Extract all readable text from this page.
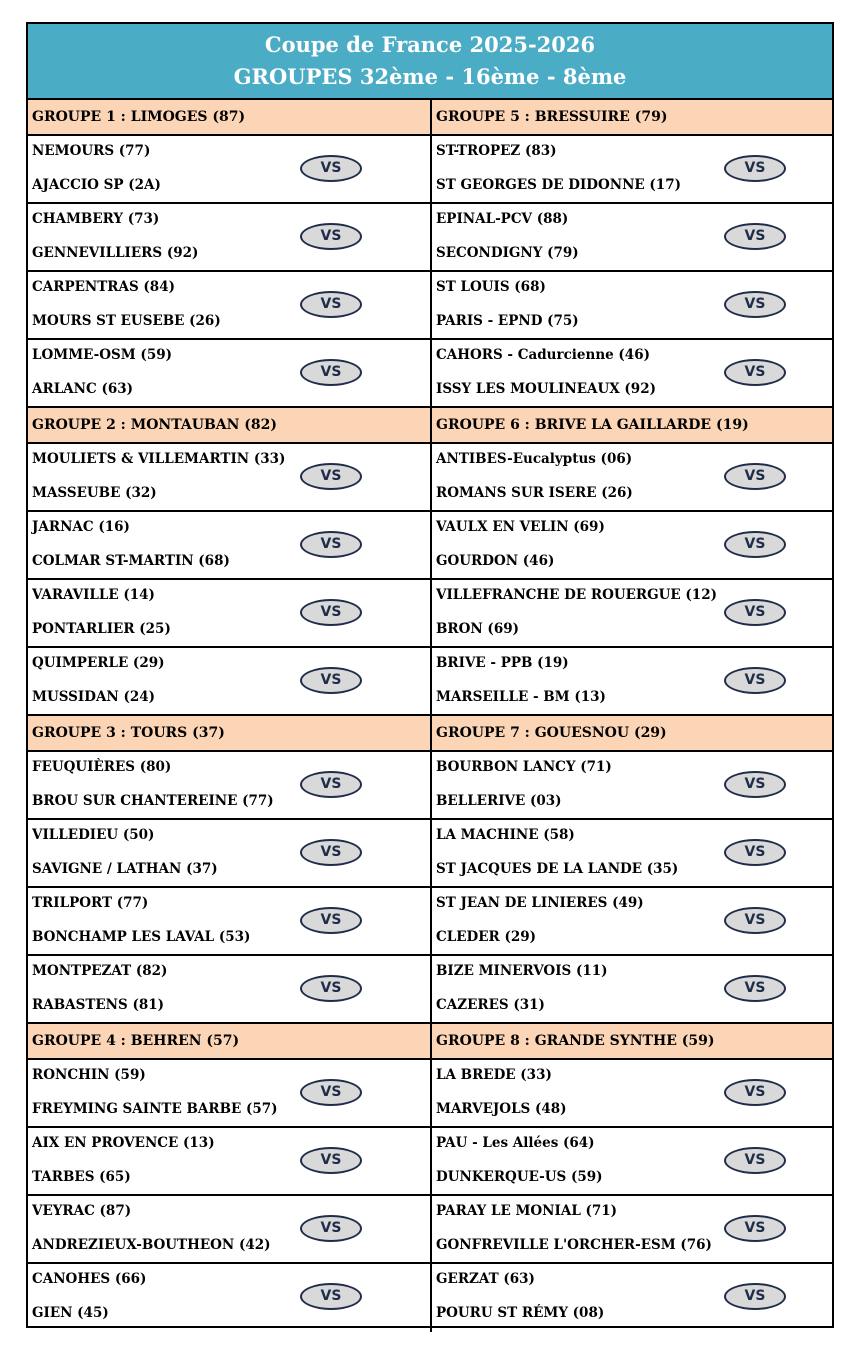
Coupe de France 2025-2026
GROUPES 32ème - 16ème - 8ème
GROUPE 1 : LIMOGES (87)
NEMOURS (77)
VS
AJACCIO SP (2A)
CHAMBERY (73)
VS
GENNEVILLIERS (92)
CARPENTRAS (84)
VS
MOURS ST EUSEBE (26)
LOMME-OSM (59)
VS
ARLANC (63)
GROUPE 2 : MONTAUBAN (82)
MOULIETS & VILLEMARTIN (33)
VS
MASSEUBE (32)
JARNAC (16)
VS
COLMAR ST-MARTIN (68)
VARAVILLE (14)
VS
PONTARLIER (25)
QUIMPERLE (29)
VS
MUSSIDAN (24)
GROUPE 3 : TOURS (37)
FEUQUIÈRES (80)
VS
BROU SUR CHANTEREINE (77)
VILLEDIEU (50)
VS
SAVIGNE / LATHAN (37)
TRILPORT (77)
VS
BONCHAMP LES LAVAL (53)
MONTPEZAT (82)
VS
RABASTENS (81)
GROUPE 4 : BEHREN (57)
RONCHIN (59)
VS
FREYMING SAINTE BARBE (57)
AIX EN PROVENCE (13)
VS
TARBES (65)
VEYRAC (87)
VS
ANDREZIEUX-BOUTHEON (42)
CANOHES (66)
VS
GIEN (45)
GROUPE 5 : BRESSUIRE (79)
ST-TROPEZ (83)
VS
ST GEORGES DE DIDONNE (17)
EPINAL-PCV (88)
VS
SECONDIGNY (79)
ST LOUIS (68)
VS
PARIS - EPND (75)
CAHORS - Cadurcienne (46)
VS
ISSY LES MOULINEAUX (92)
GROUPE 6 : BRIVE LA GAILLARDE (19)
ANTIBES-Eucalyptus (06)
VS
ROMANS SUR ISERE (26)
VAULX EN VELIN (69)
VS
GOURDON (46)
VILLEFRANCHE DE ROUERGUE (12)
VS
BRON (69)
BRIVE - PPB (19)
VS
MARSEILLE - BM (13)
GROUPE 7 : GOUESNOU (29)
BOURBON LANCY (71)
VS
BELLERIVE (03)
LA MACHINE (58)
VS
ST JACQUES DE LA LANDE (35)
ST JEAN DE LINIERES (49)
VS
CLEDER (29)
BIZE MINERVOIS (11)
VS
CAZERES (31)
GROUPE 8 : GRANDE SYNTHE (59)
LA BREDE (33)
VS
MARVEJOLS (48)
PAU - Les Allées (64)
VS
DUNKERQUE-US (59)
PARAY LE MONIAL (71)
VS
GONFREVILLE L'ORCHER-ESM (76)
GERZAT (63)
VS
POURU ST RÉMY (08)
